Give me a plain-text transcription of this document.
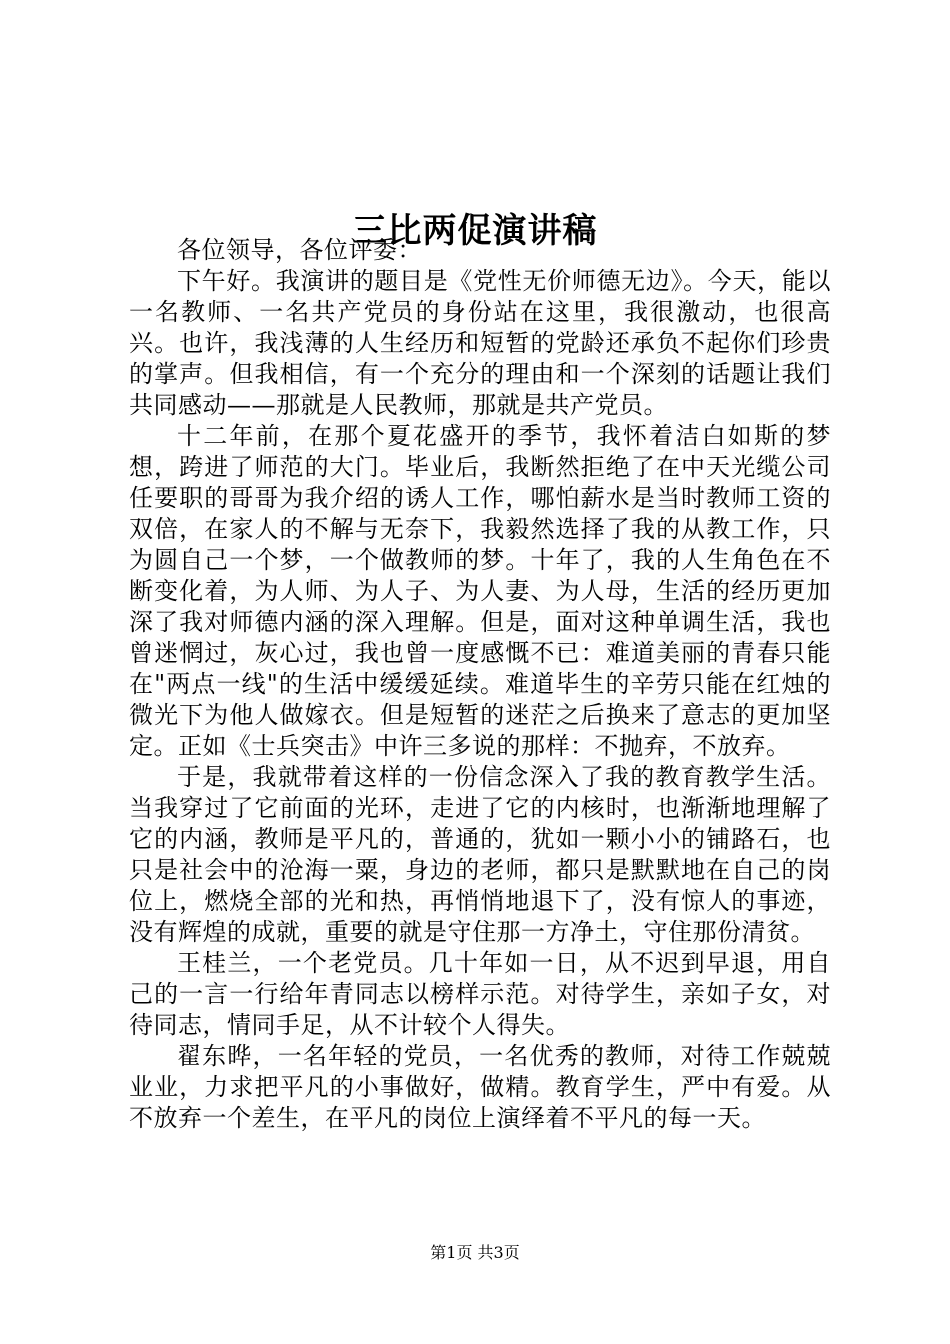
三比两促演讲稿

各位领导，各位评委：

下午好。我演讲的题目是《党性无价师德无边》。今天，能以一名教师、一名共产党员的身份站在这里，我很激动，也很高兴。也许，我浅薄的人生经历和短暂的党龄还承负不起你们珍贵的掌声。但我相信，有一个充分的理由和一个深刻的话题让我们共同感动——那就是人民教师，那就是共产党员。

十二年前，在那个夏花盛开的季节，我怀着洁白如斯的梦想，跨进了师范的大门。毕业后，我断然拒绝了在中天光缆公司任要职的哥哥为我介绍的诱人工作，哪怕薪水是当时教师工资的双倍，在家人的不解与无奈下，我毅然选择了我的从教工作，只为圆自己一个梦，一个做教师的梦。十年了，我的人生角色在不断变化着，为人师、为人子、为人妻、为人母，生活的经历更加深了我对师德内涵的深入理解。但是，面对这种单调生活，我也曾迷惘过，灰心过，我也曾一度感慨不已：难道美丽的青春只能在"两点一线"的生活中缓缓延续。难道毕生的辛劳只能在红烛的微光下为他人做嫁衣。但是短暂的迷茫之后换来了意志的更加坚定。正如《士兵突击》中许三多说的那样：不抛弃，不放弃。

于是，我就带着这样的一份信念深入了我的教育教学生活。当我穿过了它前面的光环，走进了它的内核时，也渐渐地理解了它的内涵，教师是平凡的，普通的，犹如一颗小小的铺路石，也只是社会中的沧海一粟，身边的老师，都只是默默地在自己的岗位上，燃烧全部的光和热，再悄悄地退下了，没有惊人的事迹，没有辉煌的成就，重要的就是守住那一方净土，守住那份清贫。

王桂兰，一个老党员。几十年如一日，从不迟到早退，用自己的一言一行给年青同志以榜样示范。对待学生，亲如子女，对待同志，情同手足，从不计较个人得失。

翟东晔，一名年轻的党员，一名优秀的教师，对待工作兢兢业业，力求把平凡的小事做好，做精。教育学生，严中有爱。从不放弃一个差生，在平凡的岗位上演绎着不平凡的每一天。

第1页 共3页
